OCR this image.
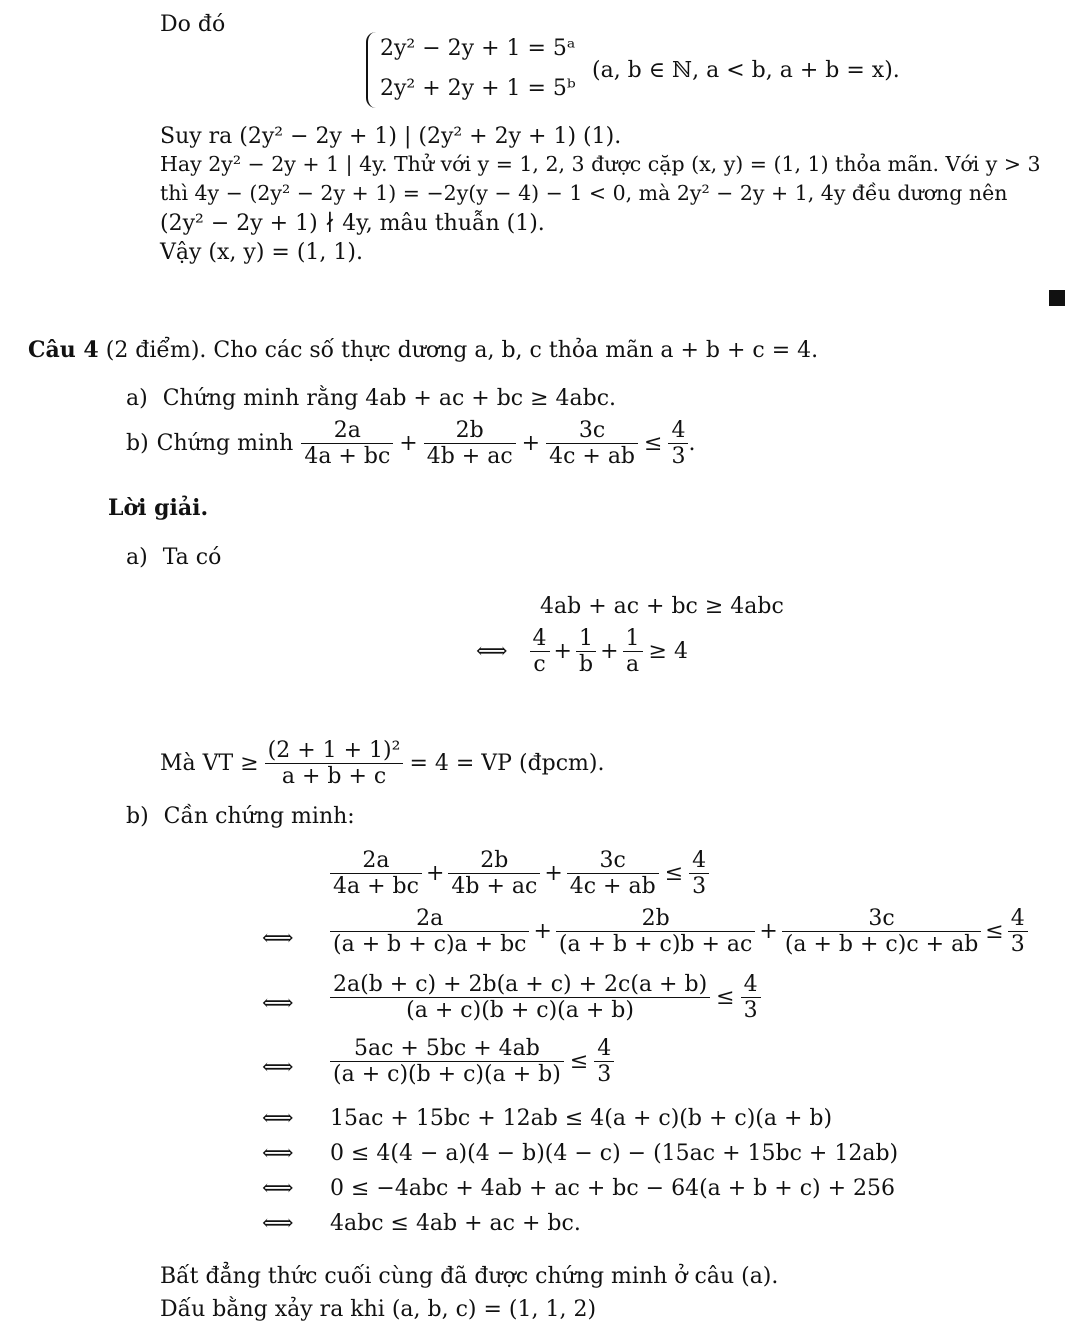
Do đó
2y² − 2y + 1 = 5ᵃ
2y² + 2y + 1 = 5ᵇ
(a, b ∈ ℕ, a < b, a + b = x).
Suy ra (2y² − 2y + 1) | (2y² + 2y + 1) (1).
Hay 2y² − 2y + 1 | 4y. Thử với y = 1, 2, 3 được cặp (x, y) = (1, 1) thỏa mãn. Với y > 3
thì 4y − (2y² − 2y + 1) = −2y(y − 4) − 1 < 0, mà 2y² − 2y + 1, 4y đều dương nên
(2y² − 2y + 1) ∤ 4y, mâu thuẫn (1).
Vậy (x, y) = (1, 1).
Câu 4 (2 điểm). Cho các số thực dương a, b, c thỏa mãn a + b + c = 4.
a) Chứng minh rằng 4ab + ac + bc ≥ 4abc.
b) Chứng minh $\frac{2a}{4a + bc} + \frac{2b}{4b + ac} + \frac{3c}{4c + ab} \le \frac{4}{3}$ .
Lời giải.
a) Ta có
4ab + ac + bc ≥ 4abc
⟺ $\frac{4}{c} + \frac{1}{b} + \frac{1}{a} \ge 4$
Mà VT ≥ $\frac{\text{(2 + 1 + 1)²}}{a + b + c} = 4$ = VP (đpcm).
b) Cần chứng minh:
$\frac{2a}{4a + bc} + \frac{2b}{4b + ac} + \frac{3c}{4c + ab} \le \frac{4}{3}$
⟺ $\frac{2a}{(a + b + c)a + bc} + \frac{2b}{(a + b + c)b + ac} + \frac{3c}{(a + b + c)c + ab} \le \frac{4}{3}$
⟺ $\frac{2a(b + c) + 2b(a + c) + 2c(a + b)}{(a + c)(b + c)(a + b)} \le \frac{4}{3}$
⟺ $\frac{5ac + 5bc + 4ab}{(a + c)(b + c)(a + b)} \le \frac{4}{3}$
⟺ 15ac + 15bc + 12ab ≤ 4(a + c)(b + c)(a + b)
⟺ 0 ≤ 4(4 − a)(4 − b)(4 − c) − (15ac + 15bc + 12ab)
⟺ 0 ≤ −4abc + 4ab + ac + bc − 64(a + b + c) + 256
⟺ 4abc ≤ 4ab + ac + bc.
Bất đẳng thức cuối cùng đã được chứng minh ở câu (a).
Dấu bằng xảy ra khi (a, b, c) = (1, 1, 2)
